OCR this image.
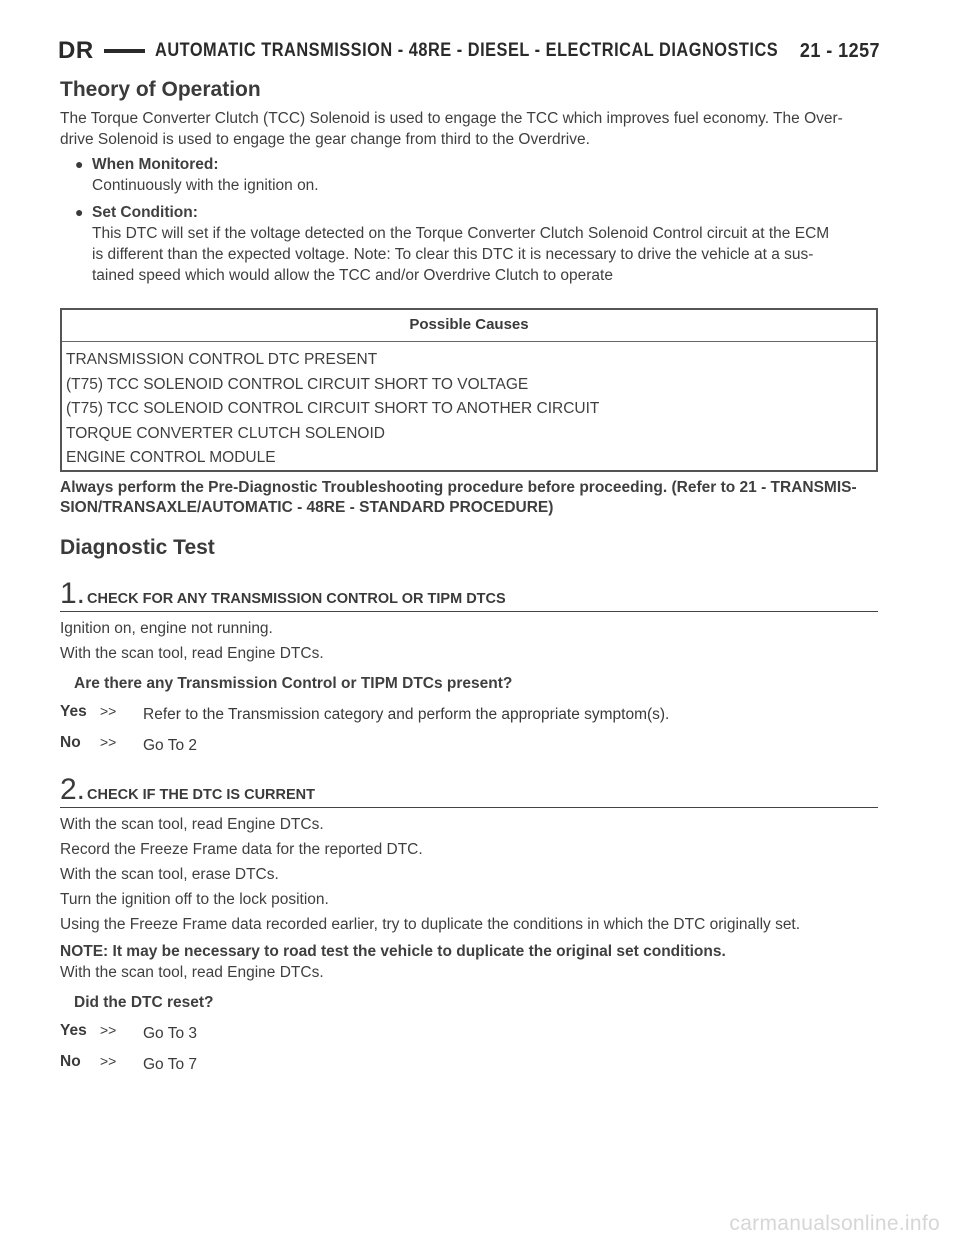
DR	AUTOMATIC TRANSMISSION - 48RE - DIESEL - ELECTRICAL DIAGNOSTICS 21 - 1257
Theory of Operation

The Torque Converter Clutch (TCC) Solenoid is used to engage the TCC which improves fuel economy. The Over-
drive Solenoid is used to engage the gear change from third to the Overdrive.

● When Monitored:

Continuously with the ignition on.

● Set Condition:

This DTC will set if the voltage detected on the Torque Converter Clutch Solenoid Control circuit at the ECM

is different than the expected voltage. Note: To clear this DTC it is necessary to drive the vehicle at a sus-

tained speed which would allow the TCC and/or Overdrive Clutch to operate

Possible Causes
TRANSMISSION CONTROL DTC PRESENT
(T75) TCC SOLENOID CONTROL CIRCUIT SHORT TO VOLTAGE
(T75) TCC SOLENOID CONTROL CIRCUIT SHORT TO ANOTHER CIRCUIT
TORQUE CONVERTER CLUTCH SOLENOID
ENGINE CONTROL MODULE

Always perform the Pre-Diagnostic Troubleshooting procedure before proceeding. (Refer to 21 - TRANSMIS-
SION/TRANSAXLE/AUTOMATIC - 48RE - STANDARD PROCEDURE)

Diagnostic Test
1. CHECK FOR ANY TRANSMISSION CONTROL OR TIPM DTCS

Ignition on, engine not running.

With the scan tool, read Engine DTCs.

Are there any Transmission Control or TIPM DTCs present?

Yes >>	Refer to the Transmission category and perform the appropriate symptom(s).
No	>>	Go To 2
2. CHECK IF THE DTC IS CURRENT

With the scan tool, read Engine DTCs.

Record the Freeze Frame data for the reported DTC.

With the scan tool, erase DTCs.

Turn the ignition off to the lock position.

Using the Freeze Frame data recorded earlier, try to duplicate the conditions in which the DTC originally set.

NOTE: It may be necessary to road test the vehicle to duplicate the original set conditions.

With the scan tool, read Engine DTCs.

Did the DTC reset?

Yes >>	Go To 3
No	>>	Go To 7
carmanualsonline.info
